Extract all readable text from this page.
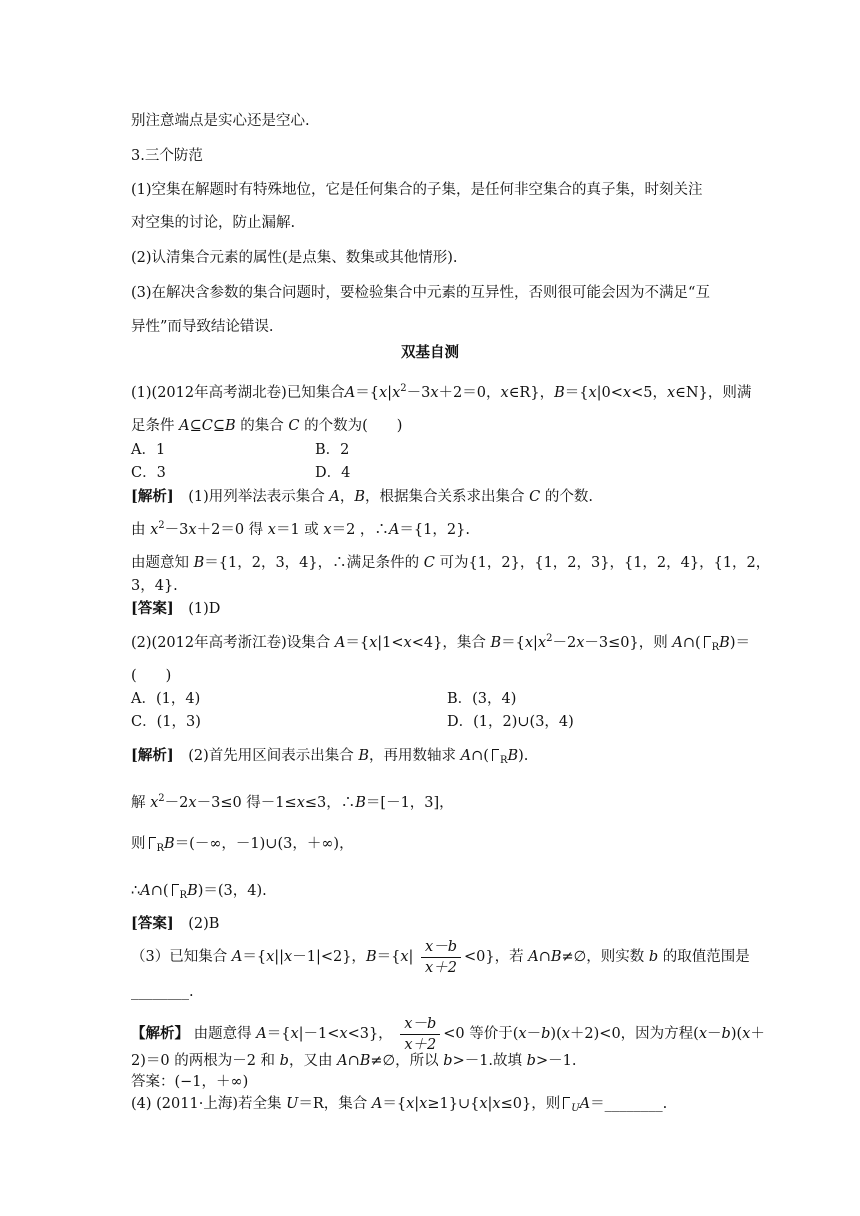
别注意端点是实心还是空心.
3.三个防范
(1)空集在解题时有特殊地位，它是任何集合的子集，是任何非空集合的真子集，时刻关注
对空集的讨论，防止漏解.
(2)认清集合元素的属性(是点集、数集或其他情形).
(3)在解决含参数的集合问题时，要检验集合中元素的互异性，否则很可能会因为不满足“互
异性”而导致结论错误.
双基自测
(1)(2012年高考湖北卷)已知集合$A=\{x|x^2-3x+2=0$，x∈R}，B＝{x|0<x<5，x∈N}，则满
足条件 A⊆C⊆B 的集合 C 的个数为(　　)
A．1	B．2
C．3	D．4
[解析]　 (1)用列举法表示集合 A，B，根据集合关系求出集合 C 的个数.
由 $x^2-3x+2=0$ 得 x＝1 或 x＝2 ，∴A＝{1，2}.
由题意知 B＝{1，2，3，4}，∴满足条件的 C 可为{1，2}，{1，2，3}，{1，2，4}，{1，2，
3，4}.
[答案]　 (1)D
(2)(2012年高考浙江卷)设集合 A＝{x|1<x<4}，集合 $B=\{x|x^2-2x-3\le 0\}$，则 A∩( $_R$B)＝
(　　)
A．(1，4)	B．(3，4)
C．(1，3)	D．(1，2)∪(3，4)
[解析]　(2)首先用区间表示出集合 B，再用数轴求 A∩( $_R$B).
解 $x^2-2x-3\le 0$ 得－1≤x≤3，∴B＝[－1，3]，
则 $_R$B＝(－∞，－1)∪(3，＋∞)，
∴A∩( $_R$B)＝(3，4).
[答案]　 (2)B
（3）已知集合 A＝{x||x－1|<2}，$B=\{x| \frac{x-b}{x+2} <0\}$，若 A∩B≠∅，则实数 b 的取值范围是
________.
【解析】 由题意得 A＝{x|－1<x<3}， $\frac{x-b}{x+2} <0$ 等价于(x－b)(x＋2)<0，因为方程(x－b)(x＋
2)＝0 的两根为－2 和 b，又由 A∩B≠∅，所以 b>－1.故填 b>－1.
答案：(−1，＋∞)
(4) (2011·上海)若全集 U＝R，集合 A＝{x|x≥1}∪{x|x≤0}，则 $_U$A＝________.
